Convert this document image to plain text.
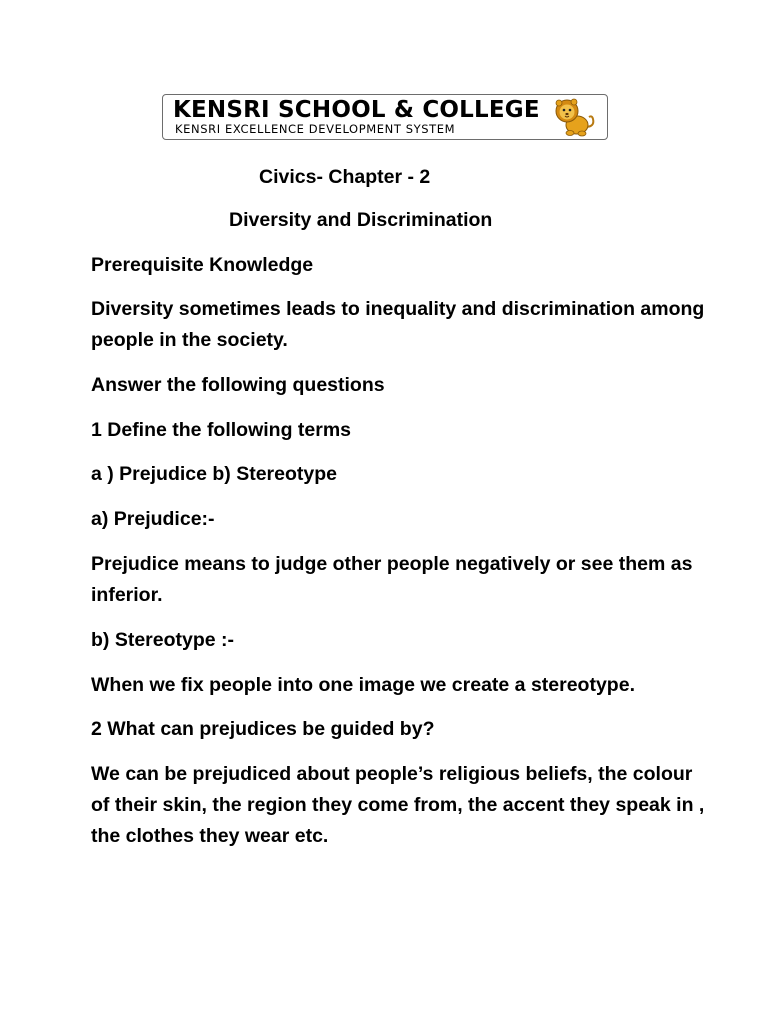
KENSRI SCHOOL & COLLEGE
KENSRI EXCELLENCE DEVELOPMENT SYSTEM
Civics- Chapter - 2
Diversity and Discrimination
Prerequisite Knowledge

Diversity sometimes leads to inequality and discrimination among people in the society.

Answer the following questions
1 Define the following terms
a ) Prejudice b) Stereotype
a) Prejudice:-

Prejudice means to judge other people negatively or see them as inferior.

b) Stereotype :-
When we fix people into one image we create a stereotype.
2 What can prejudices be guided by?

We can be prejudiced about people’s religious beliefs, the colour of their skin, the region they come from, the accent they speak in , the clothes they wear etc.
